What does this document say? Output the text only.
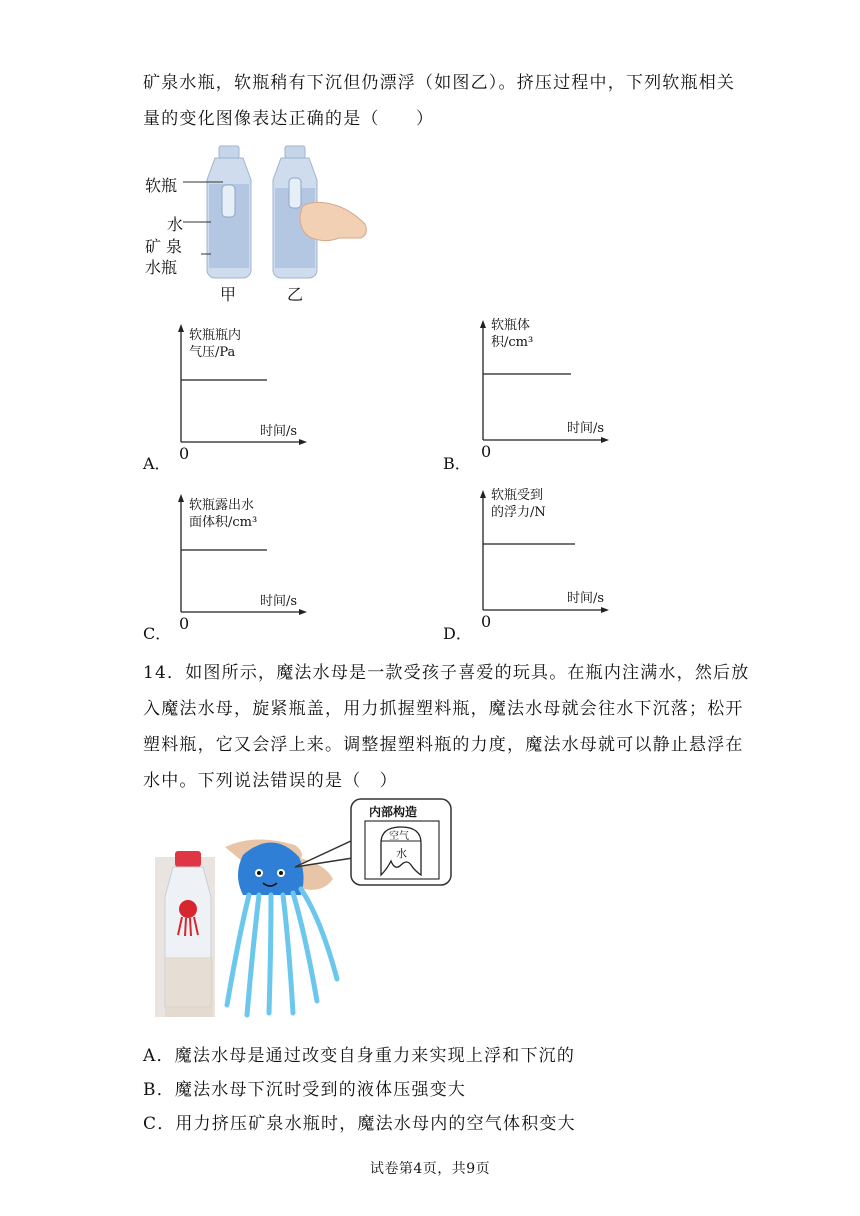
矿泉水瓶，软瓶稍有下沉但仍漂浮（如图乙）。挤压过程中，下列软瓶相关
量的变化图像表达正确的是（　　）
软瓶
水
矿 泉
水瓶
甲	乙
软瓶瓶内
气压/Pa
时间/s
0
A．
软瓶体
积/cm³
时间/s
0
B．
软瓶露出水
面体积/cm³
时间/s
0
C．
软瓶受到
的浮力/N
时间/s
0
D．
14．如图所示，魔法水母是一款受孩子喜爱的玩具。在瓶内注满水，然后放
入魔法水母，旋紧瓶盖，用力抓握塑料瓶，魔法水母就会往水下沉落；松开
塑料瓶，它又会浮上来。调整握塑料瓶的力度，魔法水母就可以静止悬浮在
水中。下列说法错误的是（　）
内部构造
空气
水
A．魔法水母是通过改变自身重力来实现上浮和下沉的
B．魔法水母下沉时受到的液体压强变大
C．用力挤压矿泉水瓶时，魔法水母内的空气体积变大
试卷第4页，共9页
